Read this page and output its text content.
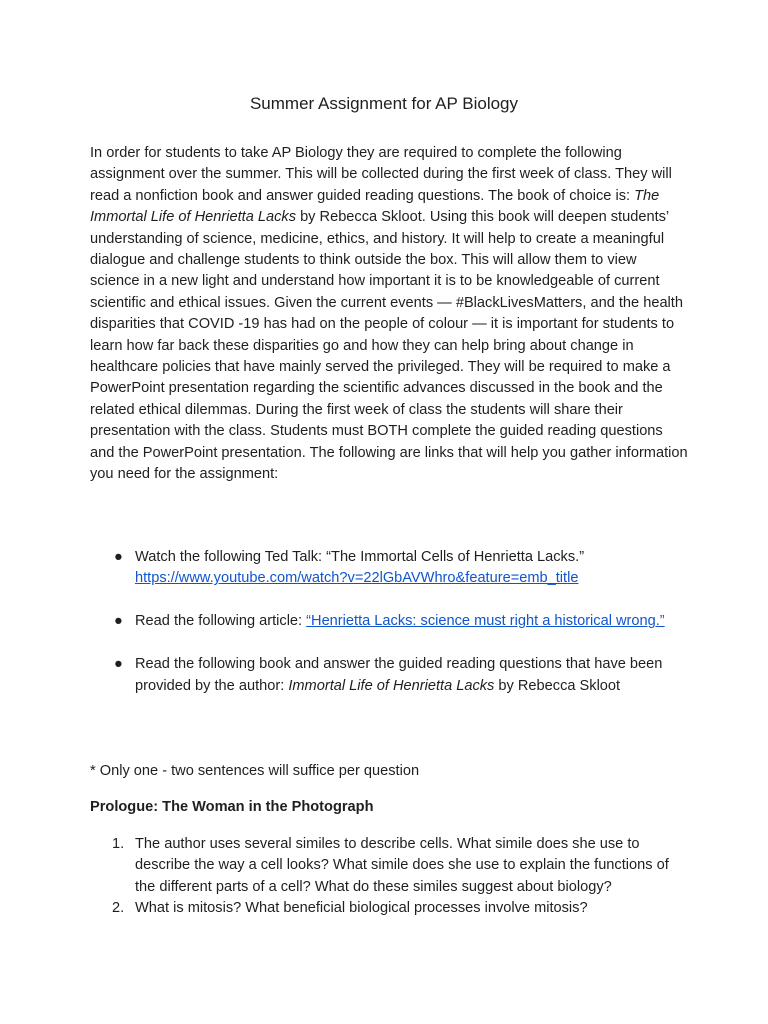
Summer Assignment for AP Biology

In order for students to take AP Biology they are required to complete the following assignment over the summer. This will be collected during the first week of class. They will read a nonfiction book and answer guided reading questions. The book of choice is: The Immortal Life of Henrietta Lacks by Rebecca Skloot. Using this book will deepen students’ understanding of science, medicine, ethics, and history. It will help to create a meaningful dialogue and challenge students to think outside the box. This will allow them to view science in a new light and understand how important it is to be knowledgeable of current scientific and ethical issues. Given the current events — #BlackLivesMatters, and the health disparities that COVID -19 has had on the people of colour — it is important for students to learn how far back these disparities go and how they can help bring about change in healthcare policies that have mainly served the privileged. They will be required to make a PowerPoint presentation regarding the scientific advances discussed in the book and the related ethical dilemmas. During the first week of class the students will share their presentation with the class. Students must BOTH complete the guided reading questions and the PowerPoint presentation. The following are links that will help you gather information you need for the assignment:

● Watch the following Ted Talk: “The Immortal Cells of Henrietta Lacks.”
https://www.youtube.com/watch?v=22lGbAVWhro&feature=emb_title
● Read the following article: “Henrietta Lacks: science must right a historical wrong.”
● Read the following book and answer the guided reading questions that have been provided by the author: Immortal Life of Henrietta Lacks by Rebecca Skloot
* Only one - two sentences will suffice per question
Prologue: The Woman in the Photograph
1. The author uses several similes to describe cells. What simile does she use to describe the way a cell looks? What simile does she use to explain the functions of the different parts of a cell? What do these similes suggest about biology?
2. What is mitosis? What beneficial biological processes involve mitosis?
